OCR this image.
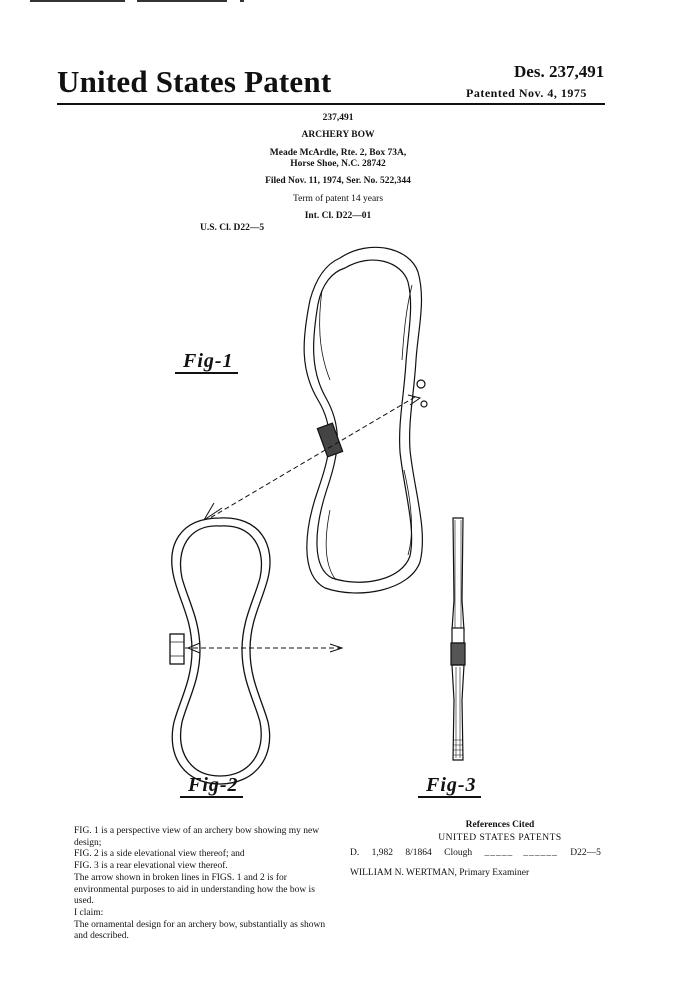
United States Patent	Des. 237,491
Patented Nov. 4, 1975
237,491
ARCHERY BOW
Meade McArdle, Rte. 2, Box 73A,
Horse Shoe, N.C. 28742
Filed Nov. 11, 1974, Ser. No. 522,344
Term of patent 14 years
Int. Cl. D22—01
U.S. Cl. D22—5
Fig-1
Fig-2	Fig-3

FIG. 1 is a perspective view of an archery bow showing my new design;

FIG. 2 is a side elevational view thereof; and

FIG. 3 is a rear elevational view thereof.

The arrow shown in broken lines in FIGS. 1 and 2 is for environmental purposes to aid in understanding how the bow is used.

I claim:

The ornamental design for an archery bow, substantially as shown and described.

References Cited
UNITED STATES PATENTS
D. 1,982 8/1864 Clough _____   ______ D22—5
WILLIAM N. WERTMAN, Primary Examiner
